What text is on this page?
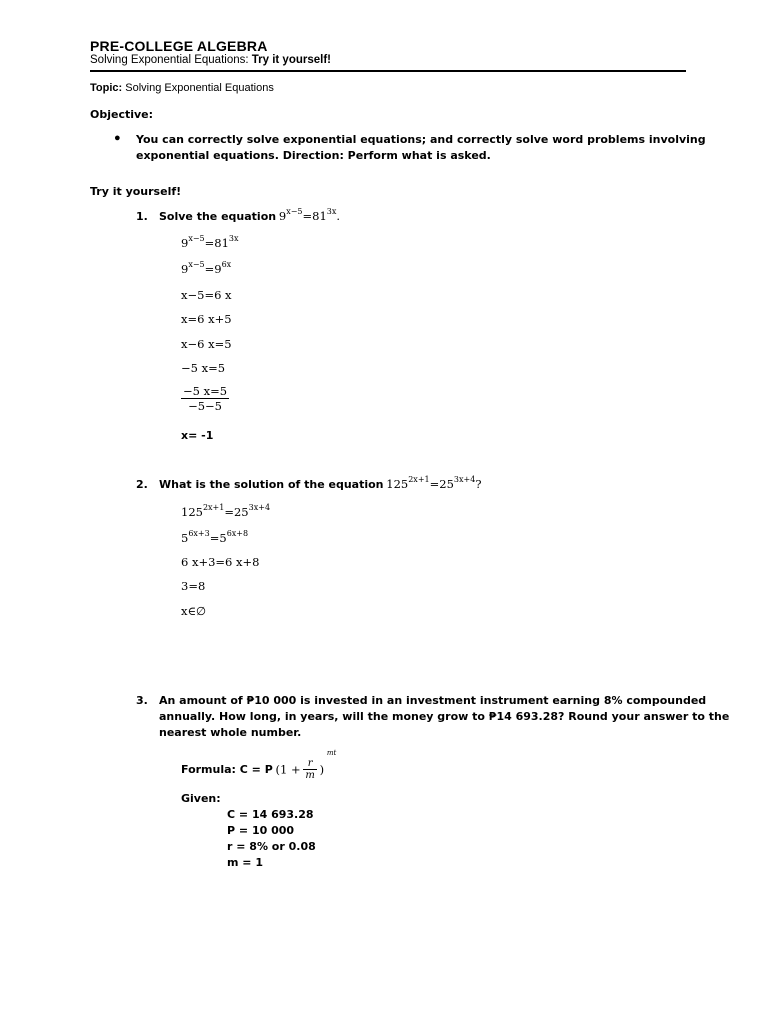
PRE-COLLEGE ALGEBRA
Solving Exponential Equations: Try it yourself!
Topic: Solving Exponential Equations
Objective:
● You can correctly solve exponential equations; and correctly solve word problems involving
exponential equations. Direction: Perform what is asked.
Try it yourself!
1. Solve the equation $9^{x-5}=81^{3x}$.
$9^{x-5}=81^{3x}$
$9^{x-5}=9^{6x}$
x−5=6 x
x=6 x+5
x−6 x=5
−5 x=5
$\frac{-5 x=5}{-5-5}$
x= -1
2. What is the solution of the equation $125^{2x+1}=25^{3x+4}$?
$125^{2x+1}=25^{3x+4}$
$5^{6x+3}=5^{6x+8}$
6 x+3=6 x+8
3=8
x∈∅
3. An amount of ₱10 000 is invested in an investment instrument earning 8% compounded
annually. How long, in years, will the money grow to ₱14 693.28? Round your answer to the
nearest whole number.
Formula: C = P ($1 + \frac{r}{m}$ ) $^{mt}$
Given:
C = 14 693.28
P = 10 000
r = 8% or 0.08
m = 1
